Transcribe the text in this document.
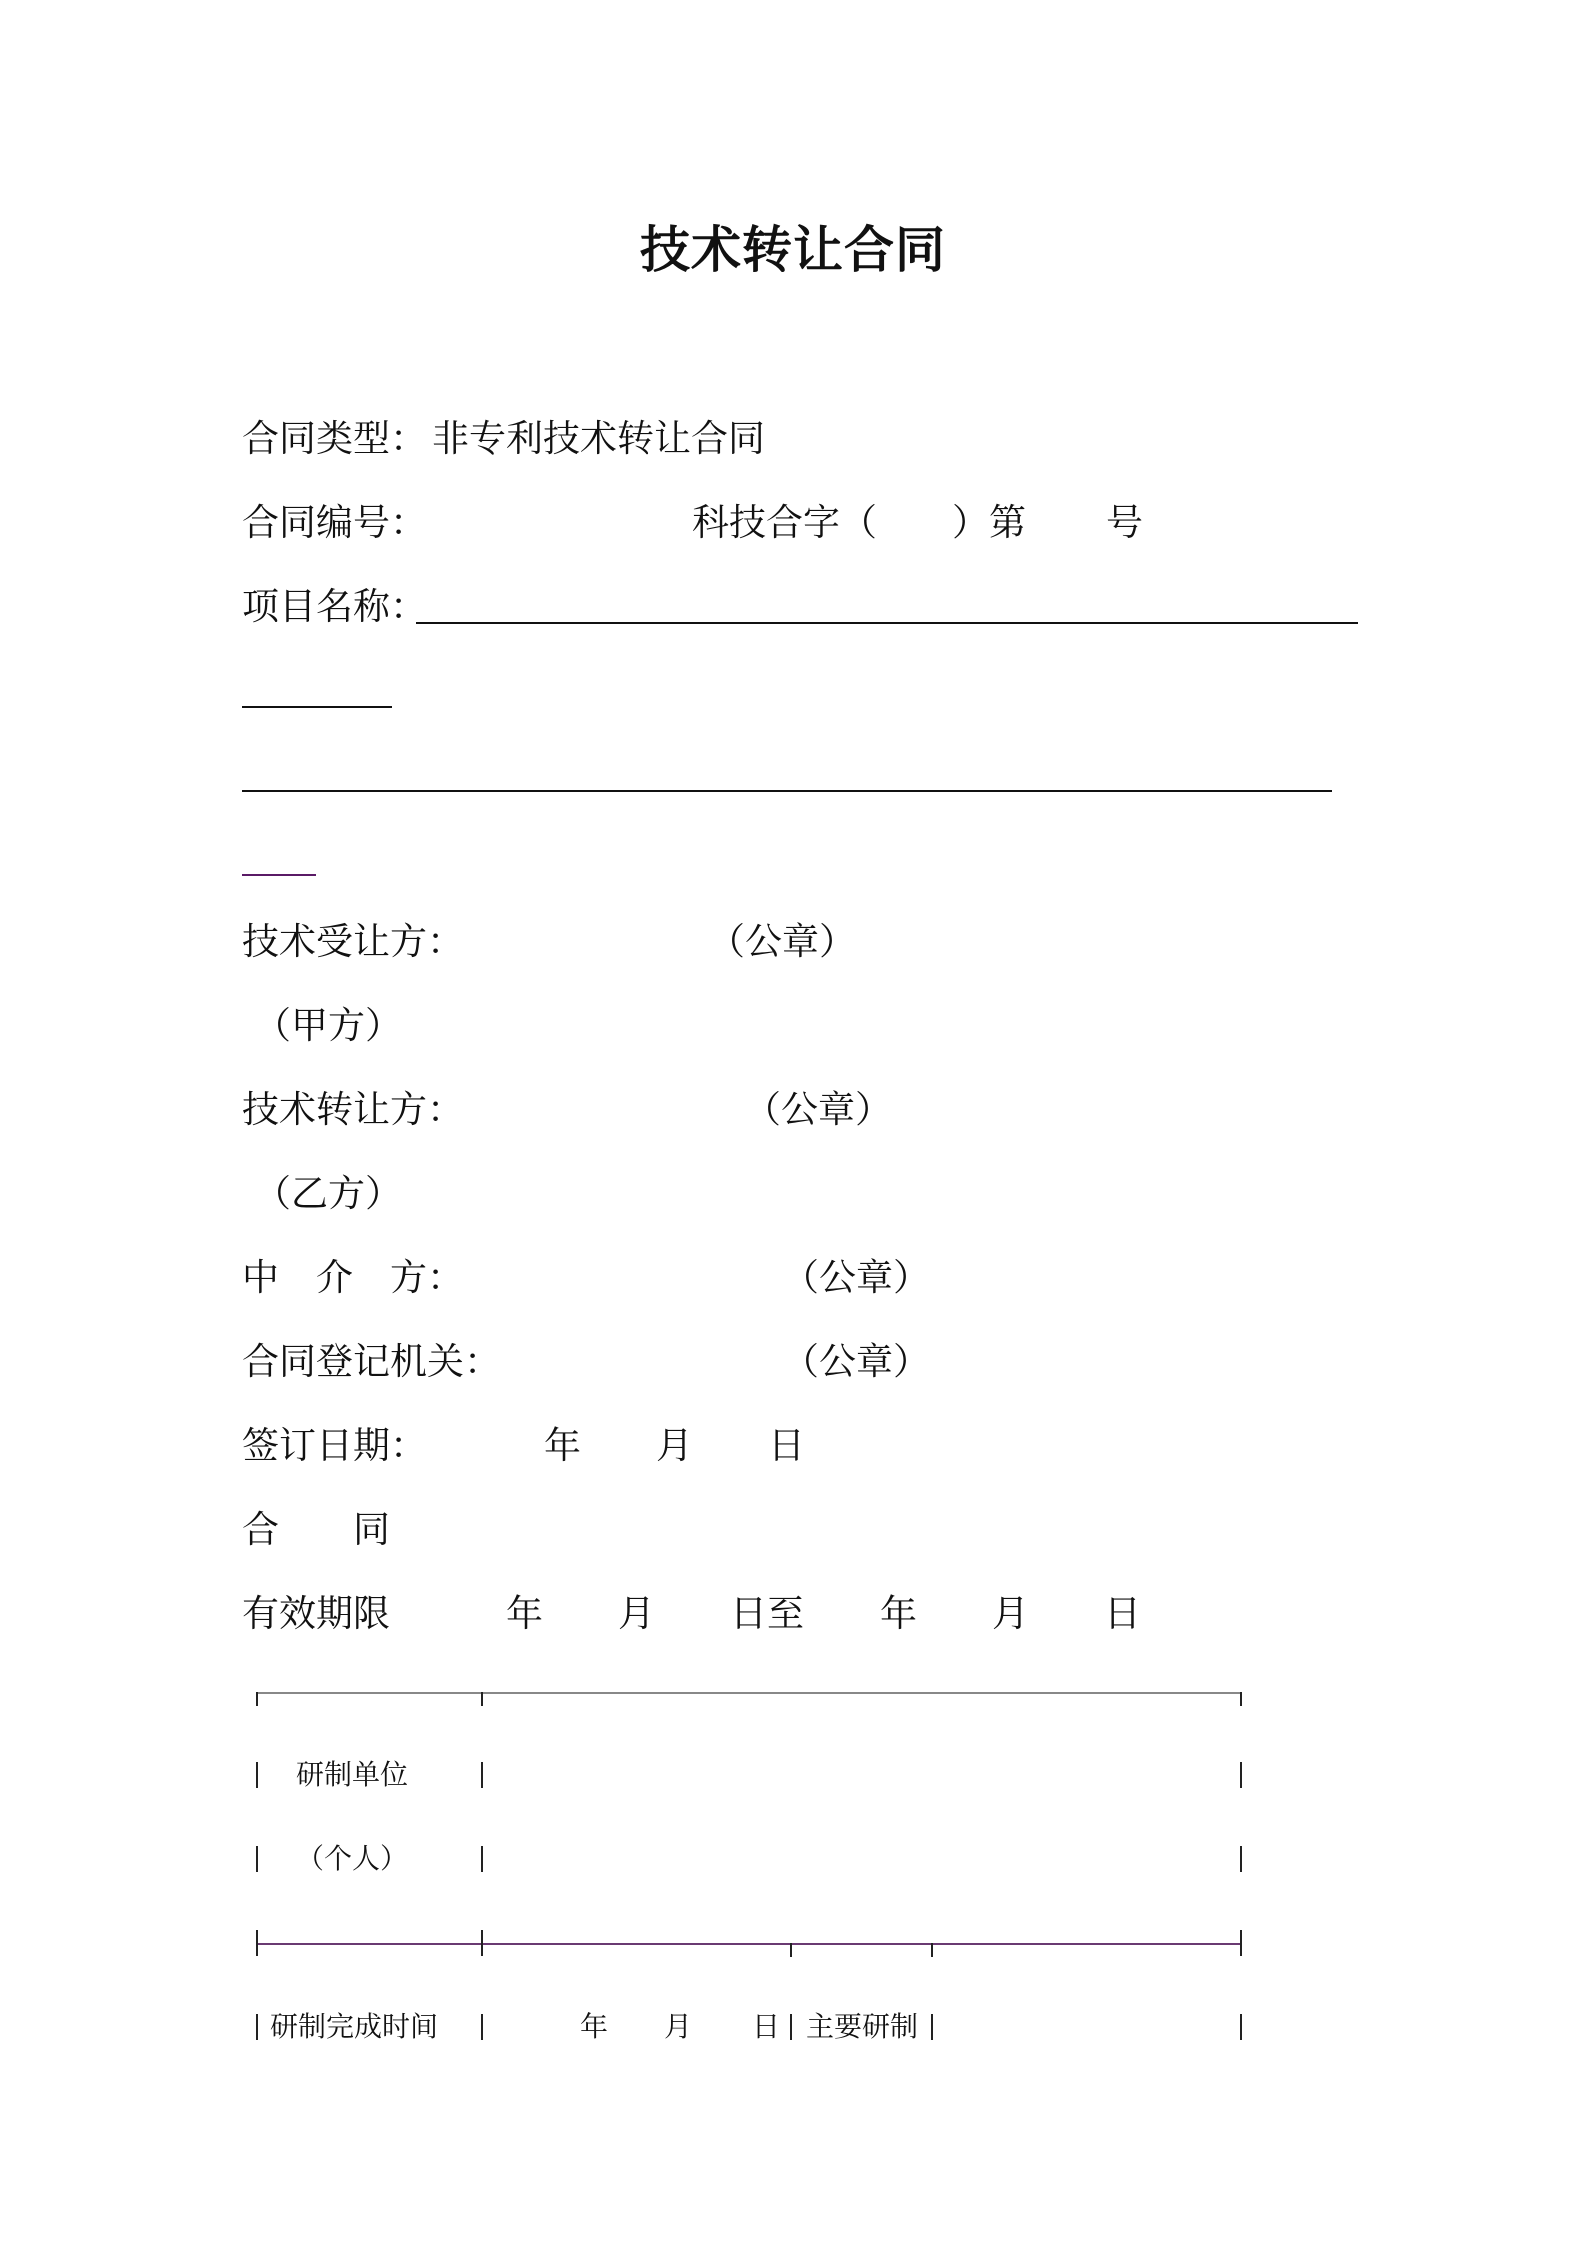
技术转让合同
合同类型： 非专利技术转让合同
合同编号：	科技合字（ ）第 号
项目名称：
技术受让方：	（公章）
（甲方）
技术转让方：	（公章）
（乙方）
中　介　方：	（公章）
合同登记机关：	（公章）
签订日期：	年 月 日
合　　同
有效期限	年 月 日至 年 月 日
研制单位
（个人）
研制完成时间	年 月 日 主要研制
